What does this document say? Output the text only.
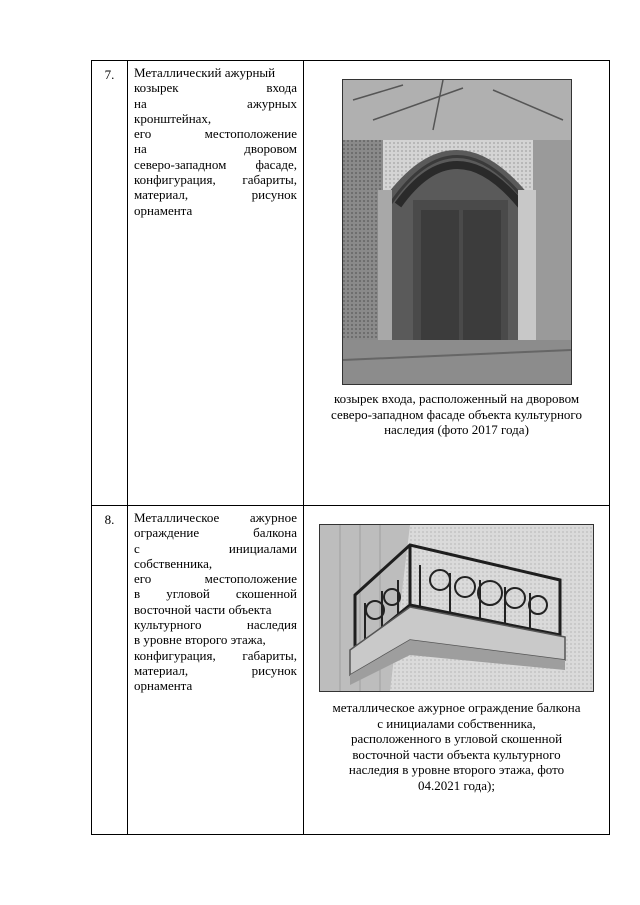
7.	Металлический ажурный
козырек	входа
на	ажурных
кронштейнах,
его	местоположение
на	дворовом
северо-западном фасаде,
конфигурация, габариты,
материал,	рисунок
орнамента
козырек входа, расположенный на дворовом
северо-западном фасаде объекта культурного
наследия (фото 2017 года)
8.	Металлическое ажурное
ограждение	балкона
с	инициалами
собственника,
его	местоположение
в угловой скошенной
восточной части объекта
культурного	наследия
в уровне второго этажа,
конфигурация, габариты,
материал,	рисунок
орнамента
металлическое ажурное ограждение балкона
с инициалами собственника,
расположенного в угловой скошенной
восточной части объекта культурного
наследия в уровне второго этажа, фото
04.2021 года);
